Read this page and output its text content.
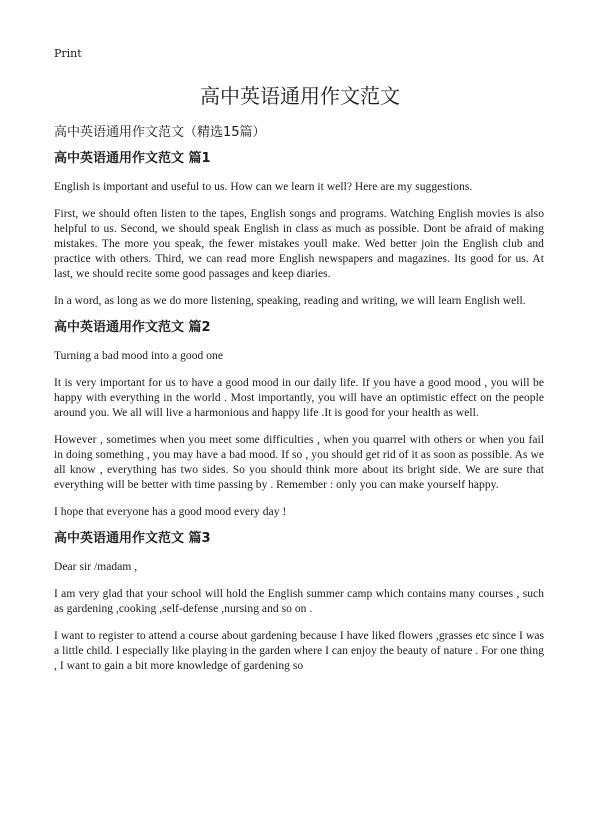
Print
高中英语通用作文范文
高中英语通用作文范文（精选15篇）
高中英语通用作文范文 篇1

English is important and useful to us. How can we learn it well? Here are my suggestions.

First, we should often listen to the tapes, English songs and programs. Watching English movies is also helpful to us. Second, we should speak English in class as much as possible. Dont be afraid of making mistakes. The more you speak, the fewer mistakes youll make. Wed better join the English club and practice with others. Third, we can read more English newspapers and magazines. Its good for us. At last, we should recite some good passages and keep diaries.

In a word, as long as we do more listening, speaking, reading and writing, we will learn English well.

高中英语通用作文范文 篇2

Turning a bad mood into a good one

It is very important for us to have a good mood in our daily life. If you have a good mood , you will be happy with everything in the world . Most importantly, you will have an optimistic effect on the people around you. We all will live a harmonious and happy life .It is good for your health as well.

However , sometimes when you meet some difficulties , when you quarrel with others or when you fail in doing something , you may have a bad mood. If so , you should get rid of it as soon as possible. As we all know , everything has two sides. So you should think more about its bright side. We are sure that everything will be better with time passing by . Remember : only you can make yourself happy.

I hope that everyone has a good mood every day !

高中英语通用作文范文 篇3

Dear sir /madam ,

I am very glad that your school will hold the English summer camp which contains many courses , such as gardening ,cooking ,self-defense ,nursing and so on .

I want to register to attend a course about gardening because I have liked flowers ,grasses etc since I was a little child. I especially like playing in the garden where I can enjoy the beauty of nature . For one thing , I want to gain a bit more knowledge of gardening so
